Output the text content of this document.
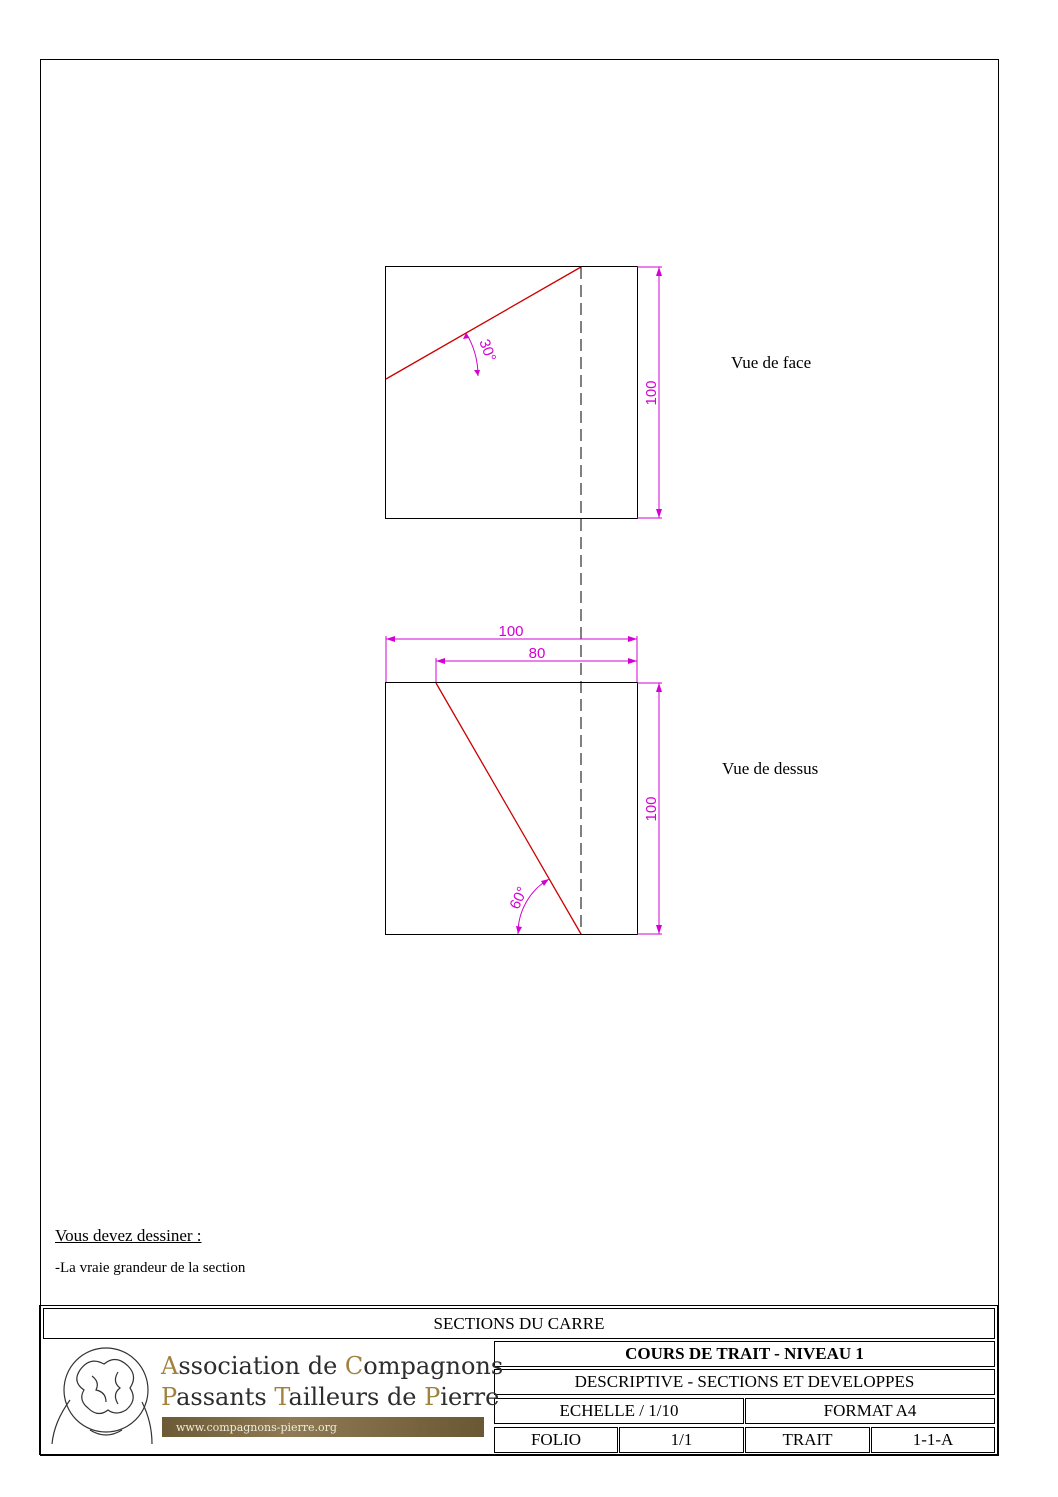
30°
100
60°
100
80
100
Vue de face
Vue de dessus
Vous devez dessiner :
-La vraie grandeur de la section
SECTIONS DU CARRE
COURS DE TRAIT - NIVEAU 1
DESCRIPTIVE - SECTIONS ET DEVELOPPES
ECHELLE / 1/10	FORMAT A4
FOLIO	1/1	TRAIT	1-1-A
Association de Compagnons
Passants Tailleurs de Pierre
www.compagnons-pierre.org
